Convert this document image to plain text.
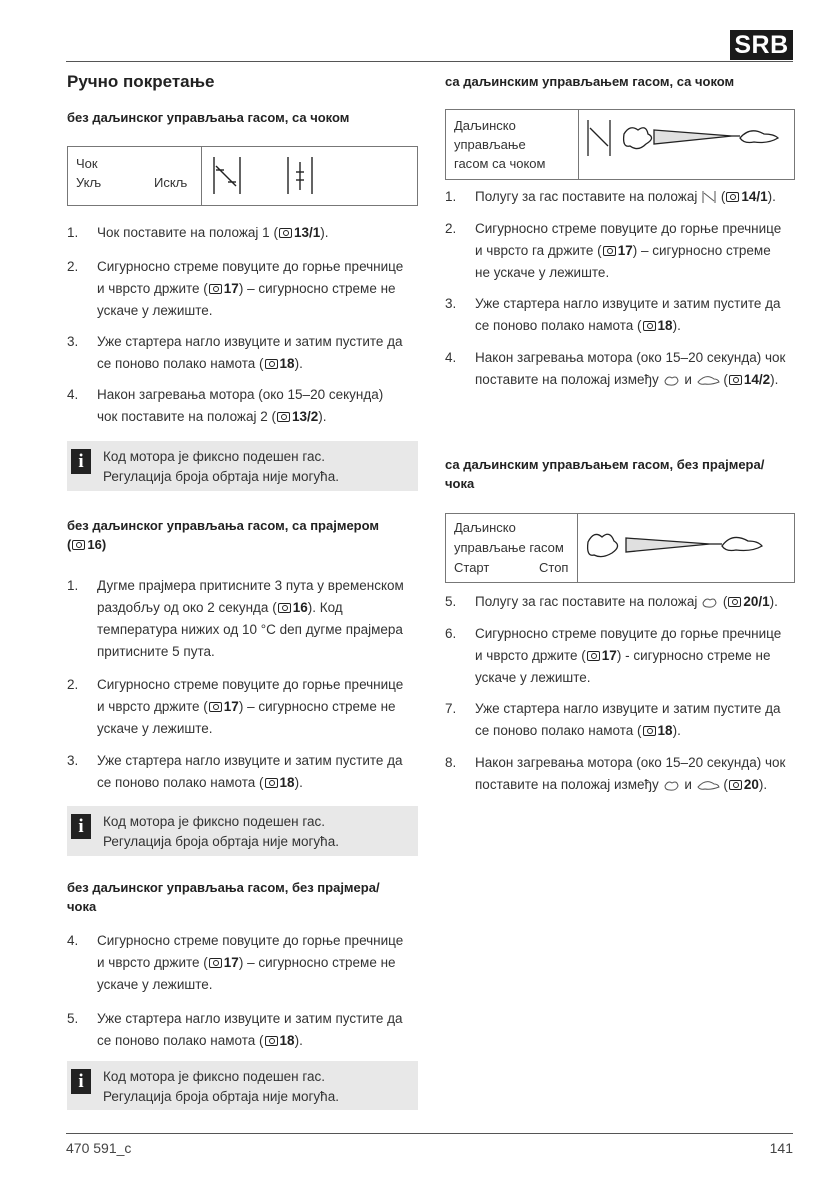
SRB
470 591_c	141
Ручно покретање
без даљинског управљања гасом, са чоком
Чок
Укљ	Искљ
1. Чок поставите на положај 1 ( 13/1).
2. Сигурносно стреме повуците до горње пречнице
и чврсто држите ( 17) – сигурносно стреме не
ускаче у лежиште.
3. Уже стартера нагло извуците и затим пустите да
се поново полако намота ( 18).
4. Након загревања мотора (око 15–20 секунда)
чок поставите на положај 2 ( 13/2).
i	Код мотора је фиксно подешен гас.
Регулација броја обртаја није могућа.
без даљинског управљања гасом, са прајмером
( 16)
1. Дугме прајмера притисните 3 пута у временском
раздобљу од око 2 секунда ( 16). Код
температура нижих од 10 °C deп дугме прајмера
притисните 5 пута.
2. Сигурносно стреме повуците до горње пречнице
и чврсто држите ( 17) – сигурносно стреме не
ускаче у лежиште.
3. Уже стартера нагло извуците и затим пустите да
се поново полако намота ( 18).
i	Код мотора је фиксно подешен гас.
Регулација броја обртаја није могућа.
без даљинског управљања гасом, без прајмера/
чока
4. Сигурносно стреме повуците до горње пречнице
и чврсто држите ( 17) – сигурносно стреме не
ускаче у лежиште.
5. Уже стартера нагло извуците и затим пустите да
се поново полако намота ( 18).
i	Код мотора је фиксно подешен гас.
Регулација броја обртаја није могућа.
са даљинским управљањем гасом, са чоком
Даљинско
управљање
гасом са чоком
1. Полугу за гас поставите на положај  ( 14/1).
2. Сигурносно стреме повуците до горње пречнице
и чврсто га држите ( 17) – сигурносно стреме
не ускаче у лежиште.
3. Уже стартера нагло извуците и затим пустите да
се поново полако намота ( 18).
4. Након загревања мотора (око 15–20 секунда) чок
поставите на положај између  и  ( 14/2).
са даљинским управљањем гасом, без прајмера/
чока
Даљинско
управљање гасом
Старт	Стоп
5. Полугу за гас поставите на положај  ( 20/1).
6. Сигурносно стреме повуците до горње пречнице
и чврсто држите ( 17) - сигурносно стреме не
ускаче у лежиште.
7. Уже стартера нагло извуците и затим пустите да
се поново полако намота ( 18).
8. Након загревања мотора (око 15–20 секунда) чок
поставите на положај између  и  ( 20).
